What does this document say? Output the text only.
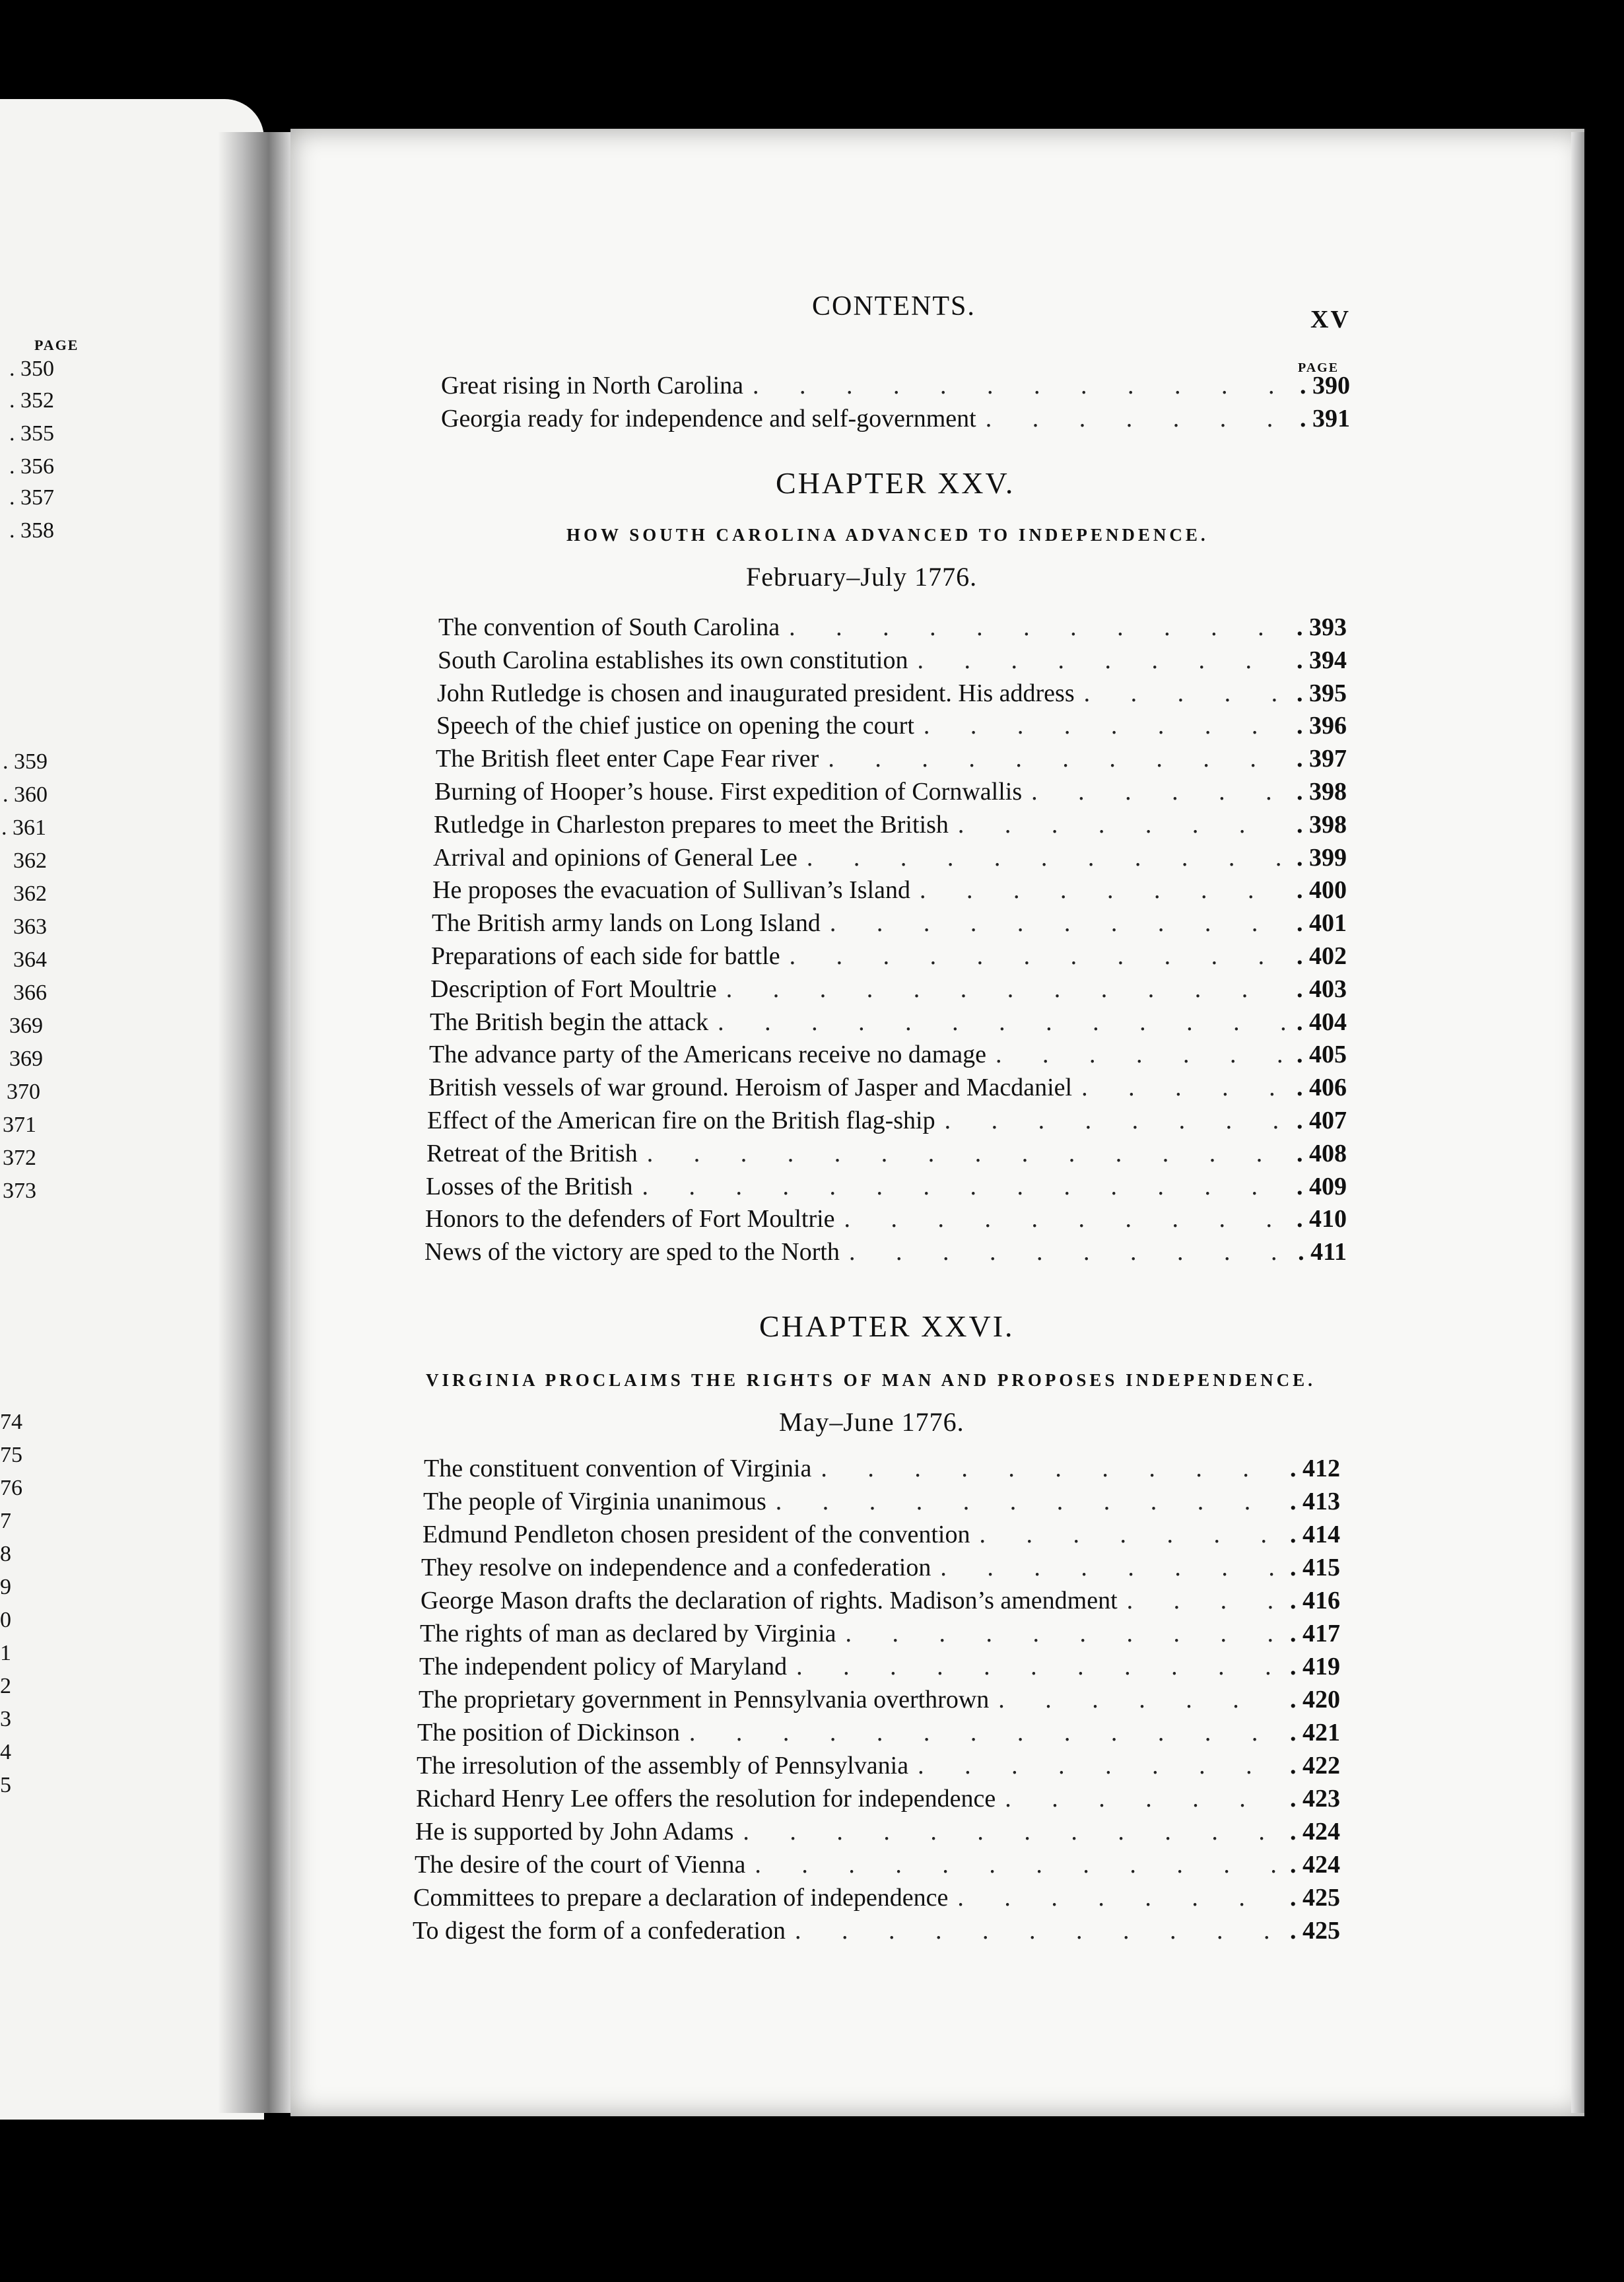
PAGE
. 350
. 352
. 355
. 356
. 357
. 358
. 359
. 360
. 361
362
362
363
364
366
369
369
370
371
372
373
74
75
76
7
8
9
0
1
2
3
4
5
CONTENTS.	XV
PAGE
Great rising in North Carolina . . .	. 390
Georgia ready for independence and self-government . . .	. 391
CHAPTER XXV.
HOW SOUTH CAROLINA ADVANCED TO INDEPENDENCE.
February–July 1776.
The convention of South Carolina . . .	. 393
South Carolina establishes its own constitution . . .	. 394
John Rutledge is chosen and inaugurated president. His address . . .	. 395
Speech of the chief justice on opening the court . . .	. 396
The British fleet enter Cape Fear river . . .	. 397
Burning of Hooper’s house. First expedition of Cornwallis . . .	. 398
Rutledge in Charleston prepares to meet the British . . .	. 398
Arrival and opinions of General Lee . . .	. 399
He proposes the evacuation of Sullivan’s Island . . .	. 400
The British army lands on Long Island . . .	. 401
Preparations of each side for battle . . .	. 402
Description of Fort Moultrie . . .	. 403
The British begin the attack . . .	. 404
The advance party of the Americans receive no damage . . .	. 405
British vessels of war ground. Heroism of Jasper and Macdaniel . . .	. 406
Effect of the American fire on the British flag-ship . . .	. 407
Retreat of the British . . .	. 408
Losses of the British . . .	. 409
Honors to the defenders of Fort Moultrie . . .	. 410
News of the victory are sped to the North . . .	. 411
CHAPTER XXVI.
VIRGINIA PROCLAIMS THE RIGHTS OF MAN AND PROPOSES INDEPENDENCE.
May–June 1776.
The constituent convention of Virginia . . .	. 412
The people of Virginia unanimous . . .	. 413
Edmund Pendleton chosen president of the convention . . .	. 414
They resolve on independence and a confederation . . .	. 415
George Mason drafts the declaration of rights. Madison’s amendment . . .	. 416
The rights of man as declared by Virginia . . .	. 417
The independent policy of Maryland . . .	. 419
The proprietary government in Pennsylvania overthrown . . .	. 420
The position of Dickinson . . .	. 421
The irresolution of the assembly of Pennsylvania . . .	. 422
Richard Henry Lee offers the resolution for independence . . .	. 423
He is supported by John Adams . . .	. 424
The desire of the court of Vienna . . .	. 424
Committees to prepare a declaration of independence . . .	. 425
To digest the form of a confederation . . .	. 425
